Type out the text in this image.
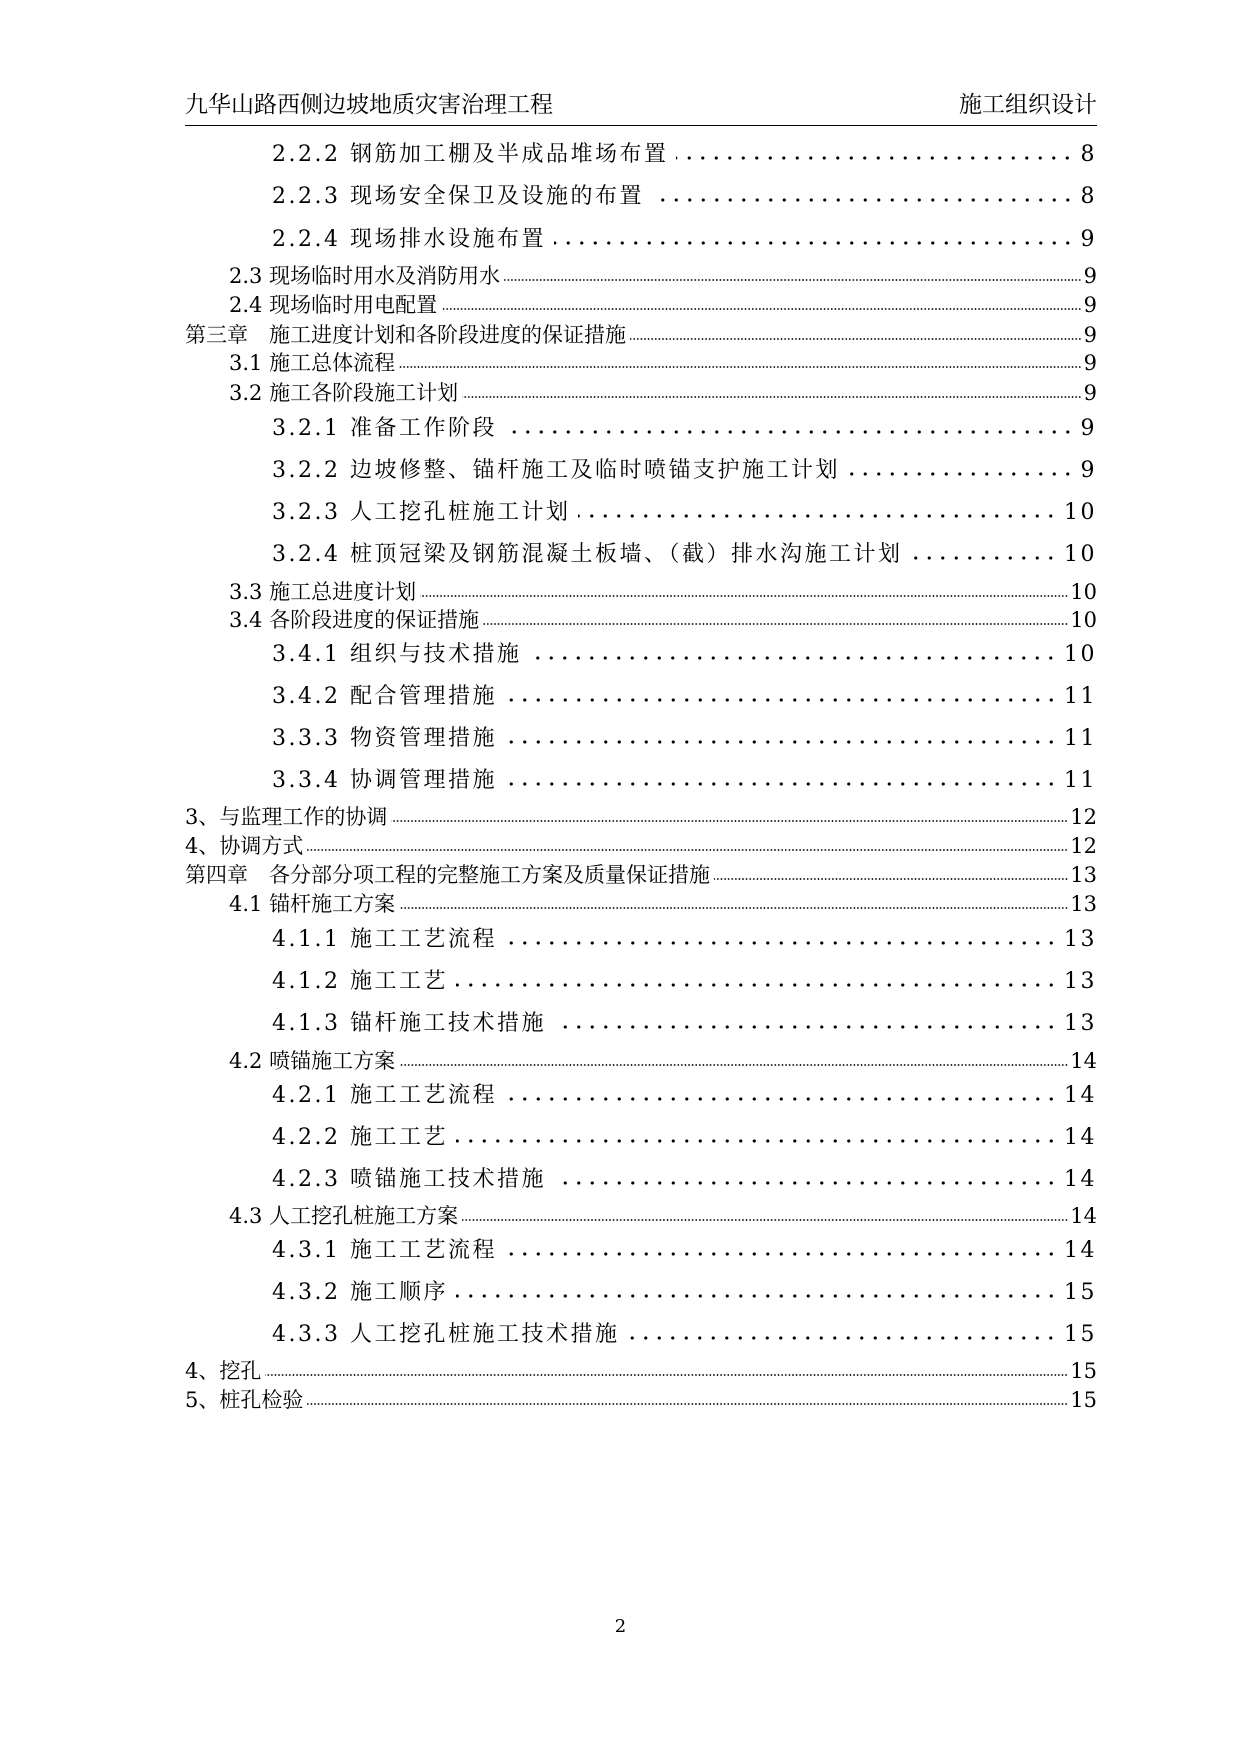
九华山路西侧边坡地质灾害治理工程	施工组织设计
2.2.2 钢筋加工棚及半成品堆场布置	8
2.2.3 现场安全保卫及设施的布置	8
2.2.4 现场排水设施布置	9
2.3 现场临时用水及消防用水	9
2.4 现场临时用电配置	9
第三章　施工进度计划和各阶段进度的保证措施	9
3.1 施工总体流程	9
3.2 施工各阶段施工计划	9
3.2.1 准备工作阶段	9
3.2.2 边坡修整、锚杆施工及临时喷锚支护施工计划	9
3.2.3 人工挖孔桩施工计划	10
3.2.4 桩顶冠梁及钢筋混凝土板墙、（截）排水沟施工计划	10
3.3 施工总进度计划	10
3.4 各阶段进度的保证措施	10
3.4.1 组织与技术措施	10
3.4.2 配合管理措施	11
3.3.3 物资管理措施	11
3.3.4 协调管理措施	11
3、与监理工作的协调	12
4、协调方式	12
第四章　各分部分项工程的完整施工方案及质量保证措施	13
4.1 锚杆施工方案	13
4.1.1 施工工艺流程	13
4.1.2 施工工艺	13
4.1.3 锚杆施工技术措施	13
4.2 喷锚施工方案	14
4.2.1 施工工艺流程	14
4.2.2 施工工艺	14
4.2.3 喷锚施工技术措施	14
4.3 人工挖孔桩施工方案	14
4.3.1 施工工艺流程	14
4.3.2 施工顺序	15
4.3.3 人工挖孔桩施工技术措施	15
4、挖孔	15
5、桩孔检验	15
2
